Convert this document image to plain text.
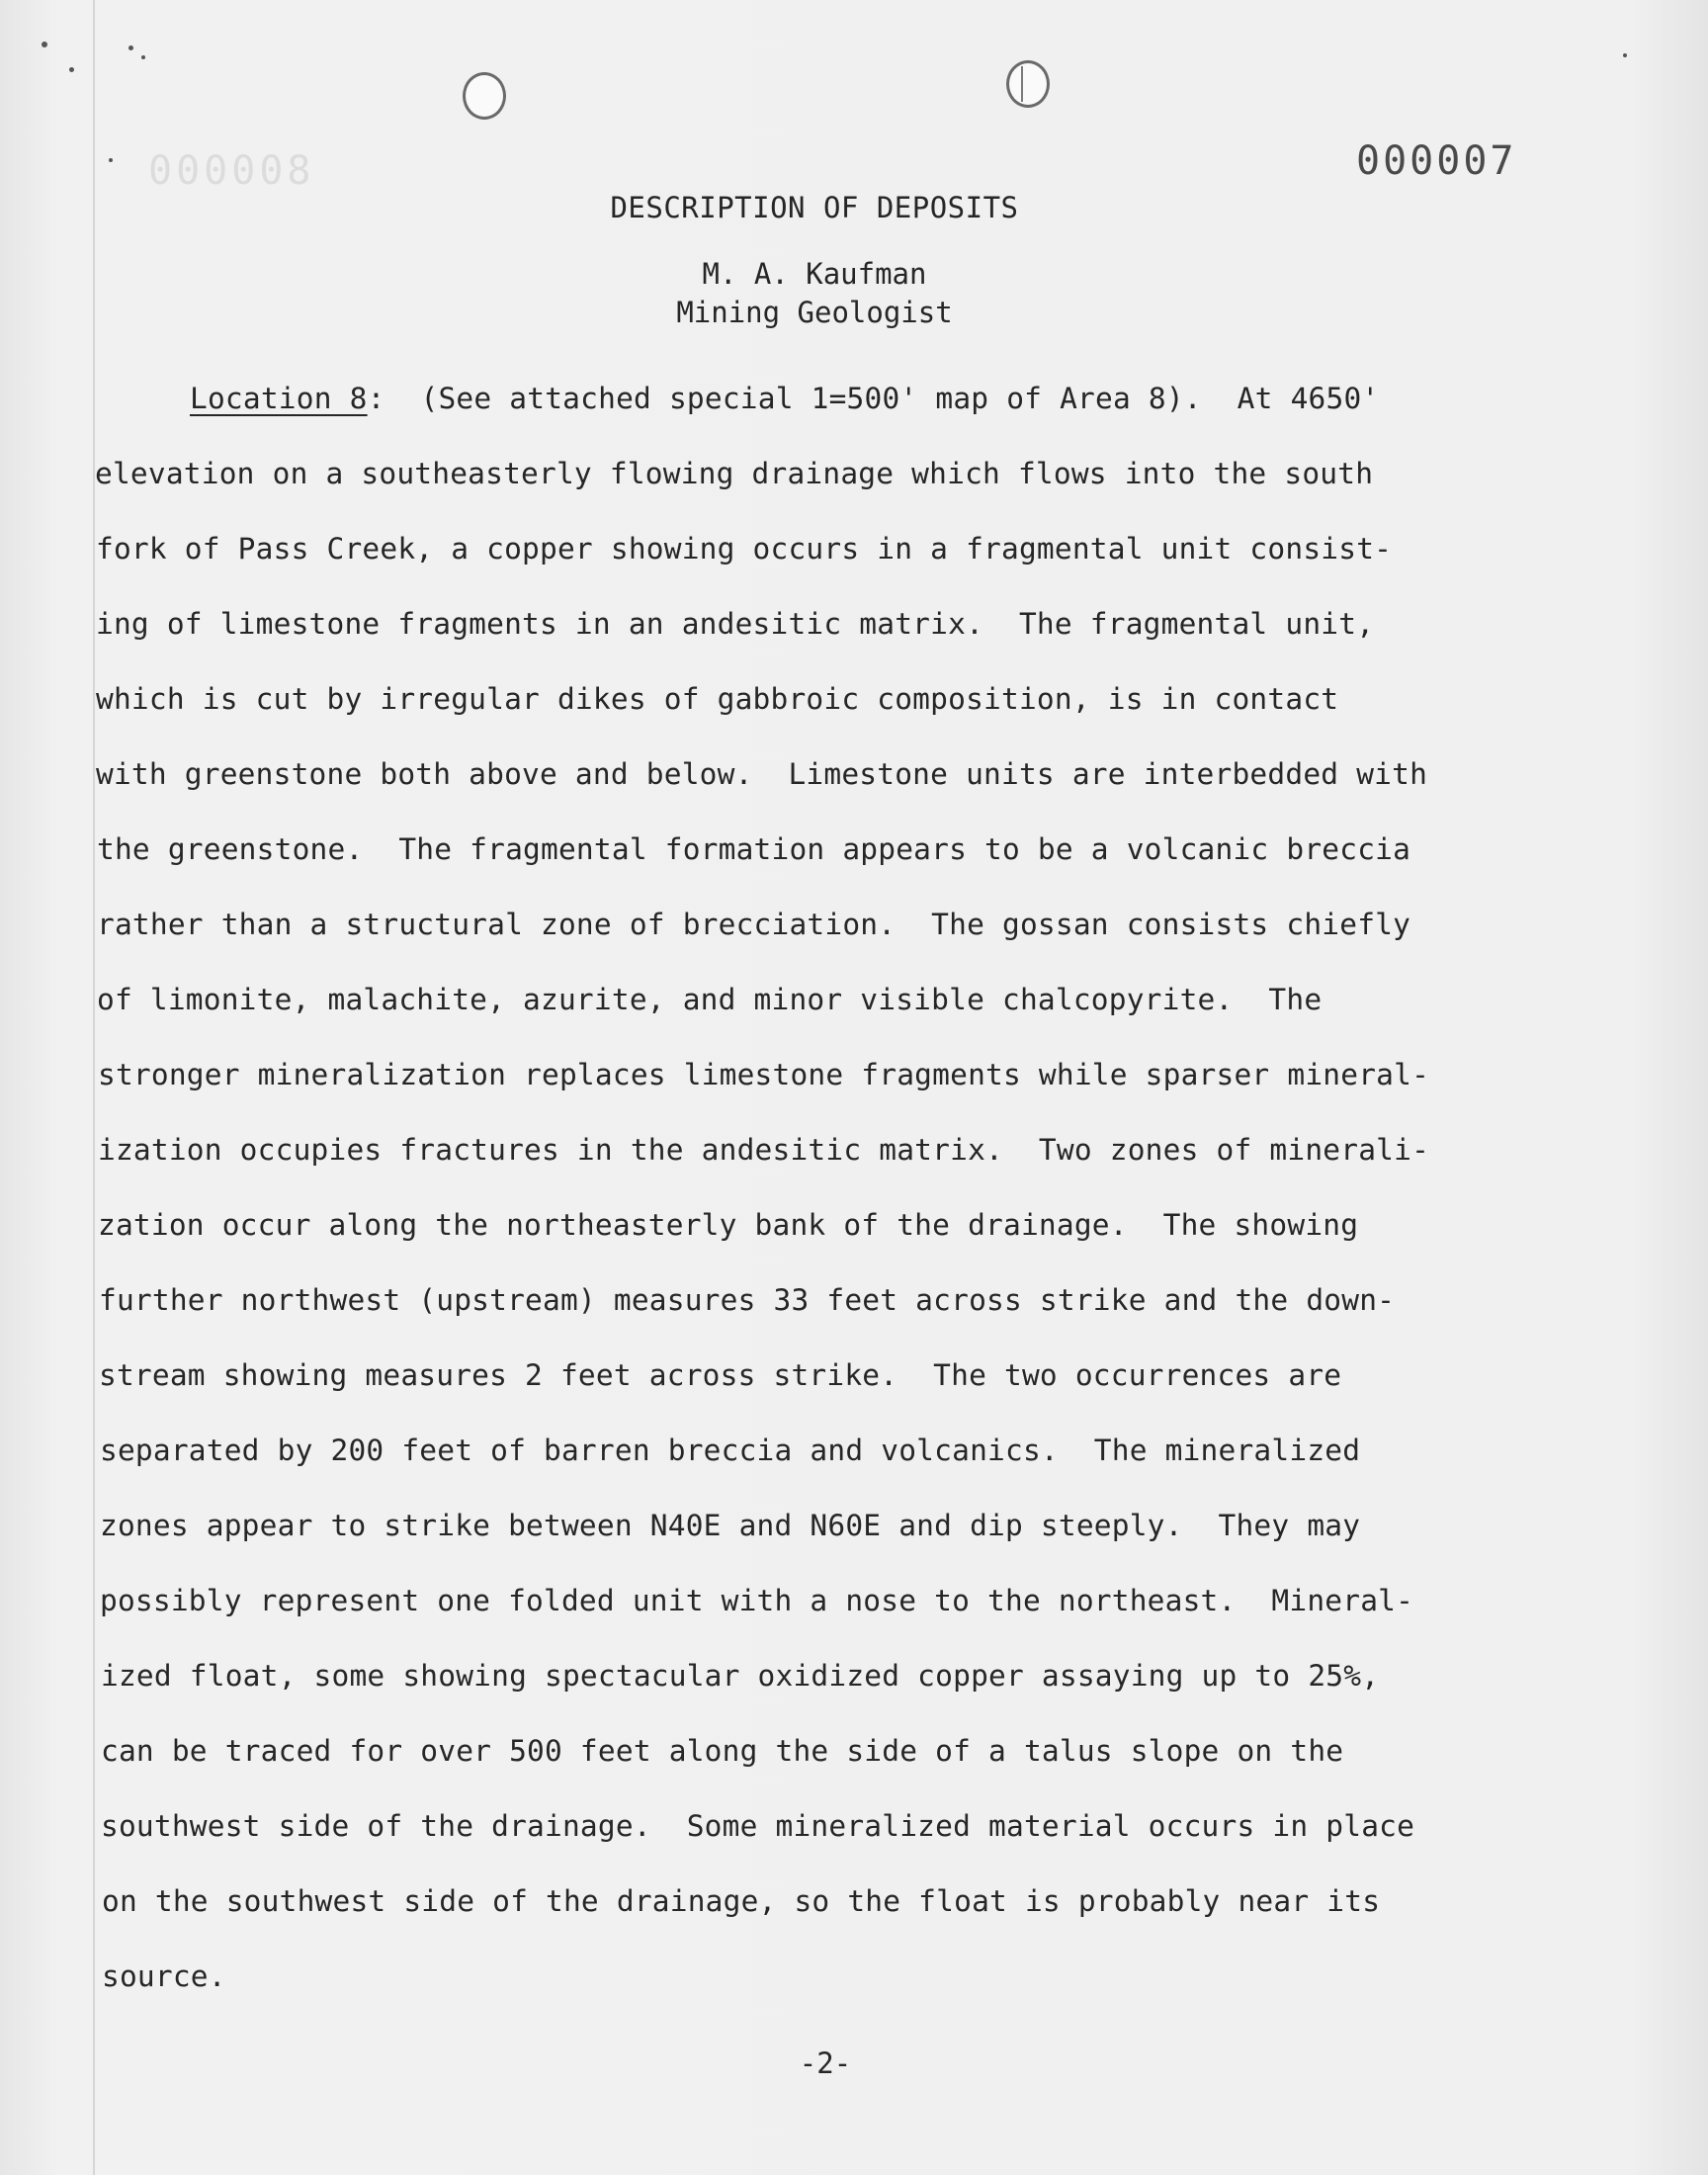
000008	000007
DESCRIPTION OF DEPOSITS
M. A. Kaufman
Mining Geologist
Location 8:  (See attached special 1=500' map of Area 8).  At 4650'
elevation on a southeasterly flowing drainage which flows into the south
fork of Pass Creek, a copper showing occurs in a fragmental unit consist-
ing of limestone fragments in an andesitic matrix.  The fragmental unit,
which is cut by irregular dikes of gabbroic composition, is in contact
with greenstone both above and below.  Limestone units are interbedded with
the greenstone.  The fragmental formation appears to be a volcanic breccia
rather than a structural zone of brecciation.  The gossan consists chiefly
of limonite, malachite, azurite, and minor visible chalcopyrite.  The
stronger mineralization replaces limestone fragments while sparser mineral-
ization occupies fractures in the andesitic matrix.  Two zones of minerali-
zation occur along the northeasterly bank of the drainage.  The showing
further northwest (upstream) measures 33 feet across strike and the down-
stream showing measures 2 feet across strike.  The two occurrences are
separated by 200 feet of barren breccia and volcanics.  The mineralized
zones appear to strike between N40E and N60E and dip steeply.  They may
possibly represent one folded unit with a nose to the northeast.  Mineral-
ized float, some showing spectacular oxidized copper assaying up to 25%,
can be traced for over 500 feet along the side of a talus slope on the
southwest side of the drainage.  Some mineralized material occurs in place
on the southwest side of the drainage, so the float is probably near its
source.
-2-
